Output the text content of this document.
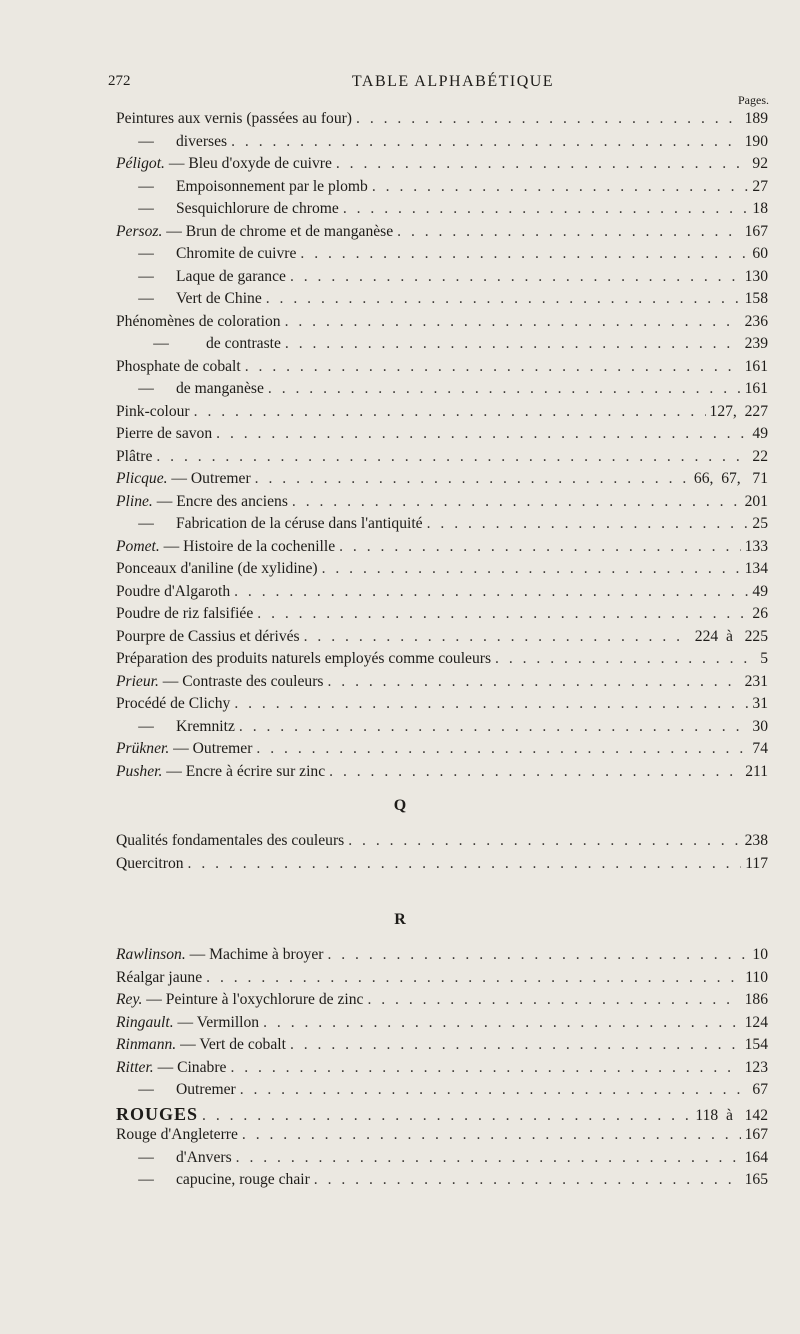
272	TABLE ALPHABÉTIQUE
Pages.
Peintures aux vernis (passées au four) . . .	189
— diverses . . .	190
Péligot. — Bleu d'oxyde de cuivre . . .	92
— Empoisonnement par le plomb . . .	27
— Sesquichlorure de chrome . . .	18
Persoz. — Brun de chrome et de manganèse . . .	167
— Chromite de cuivre . . .	60
— Laque de garance . . .	130
— Vert de Chine . . .	158
Phénomènes de coloration . . .	236
— de contraste . . .	239
Phosphate de cobalt . . .	161
— de manganèse . . .	161
Pink-colour . . .	127,  227
Pierre de savon . . .	49
Plâtre . . .	22
Plicque. — Outremer . . .	66,  67,   71
Pline. — Encre des anciens . . .	201
— Fabrication de la céruse dans l'antiquité . . .	25
Pomet. — Histoire de la cochenille . . .	133
Ponceaux d'aniline (de xylidine) . . .	134
Poudre d'Algaroth . . .	49
Poudre de riz falsifiée . . .	26
Pourpre de Cassius et dérivés . . .	224  à   225
Préparation des produits naturels employés comme couleurs . . .	5
Prieur. — Contraste des couleurs . . .	231
Procédé de Clichy . . .	31
— Kremnitz . . .	30
Prükner. — Outremer . . .	74
Pusher. — Encre à écrire sur zinc . . .	211
Q
Qualités fondamentales des couleurs . . .	238
Quercitron . . .	117
R
Rawlinson. — Machime à broyer . . .	10
Réalgar jaune . . .	110
Rey. — Peinture à l'oxychlorure de zinc . . .	186
Ringault. — Vermillon . . .	124
Rinmann. — Vert de cobalt . . .	154
Ritter. — Cinabre . . .	123
— Outremer . . .	67
ROUGES . . .	118  à   142
Rouge d'Angleterre . . .	167
— d'Anvers . . .	164
— capucine, rouge chair . . .	165
